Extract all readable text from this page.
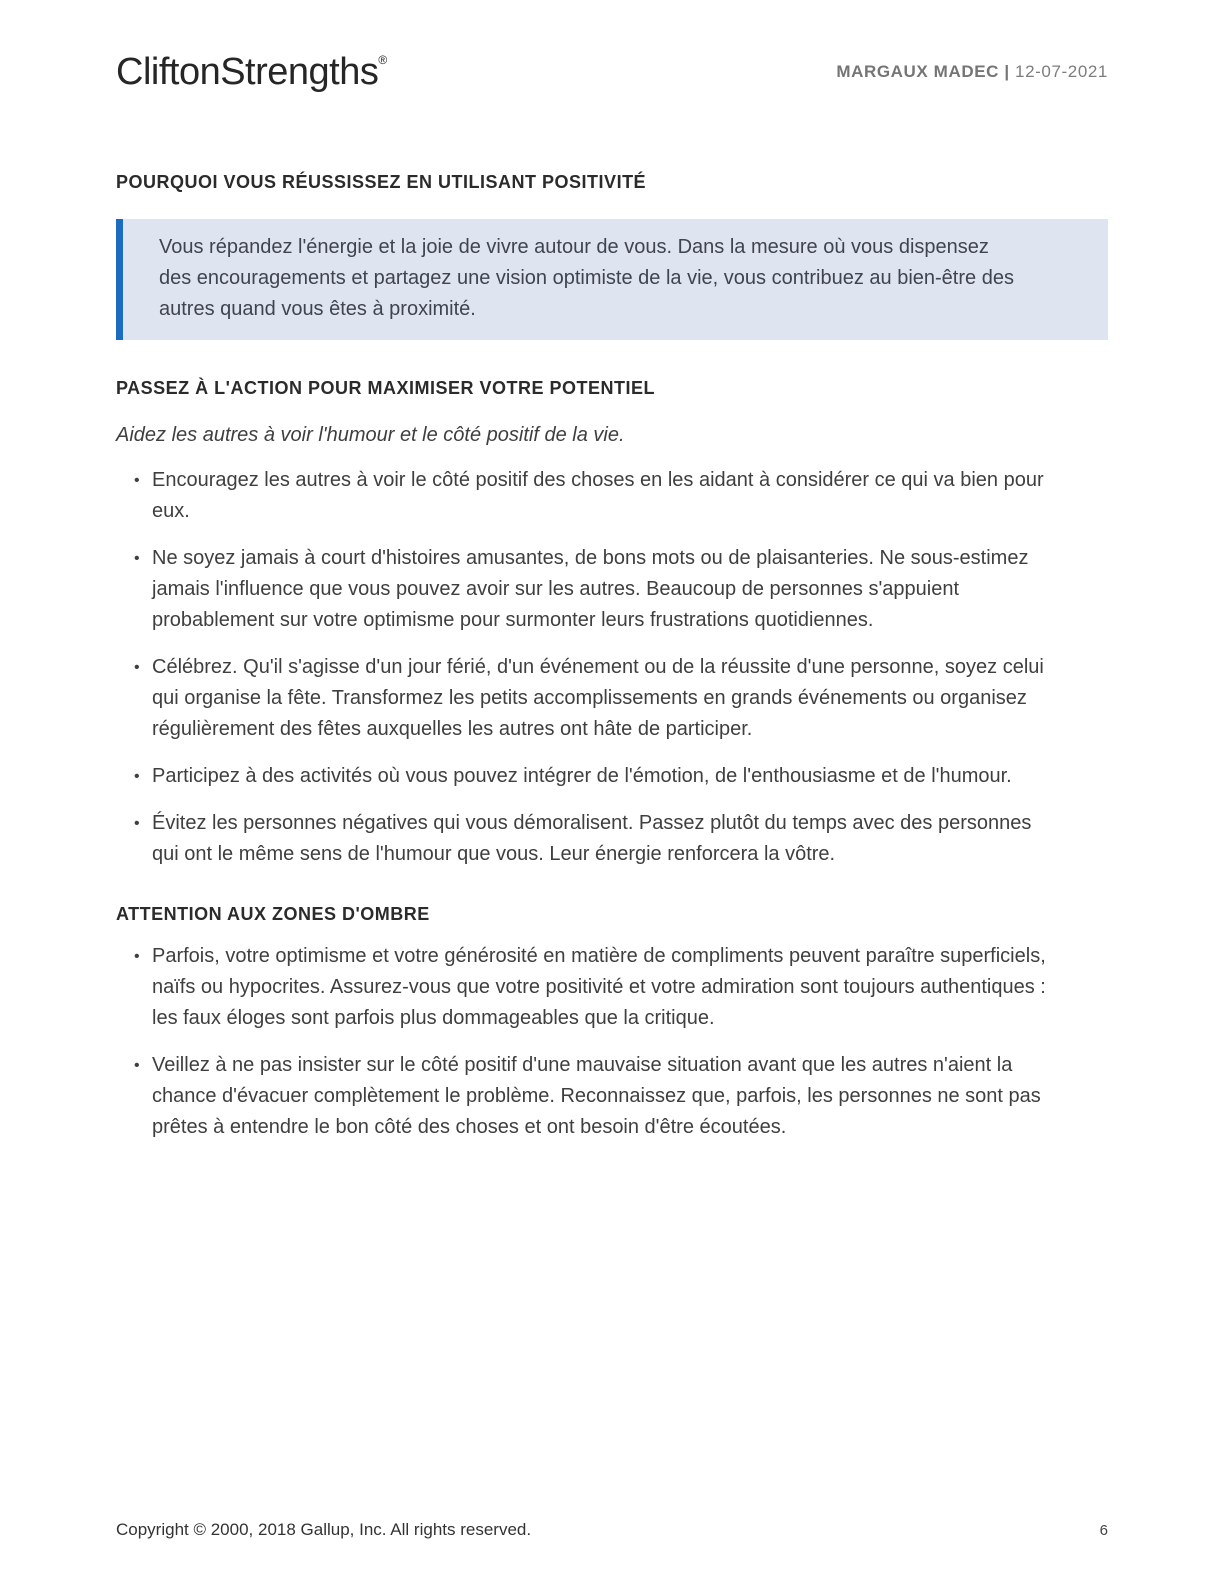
CliftonStrengths®
MARGAUX MADEC | 12-07-2021
POURQUOI VOUS RÉUSSISSEZ EN UTILISANT POSITIVITÉ

Vous répandez l'énergie et la joie de vivre autour de vous. Dans la mesure où vous dispensez des encouragements et partagez une vision optimiste de la vie, vous contribuez au bien-être des autres quand vous êtes à proximité.

PASSEZ À L'ACTION POUR MAXIMISER VOTRE POTENTIEL

Aidez les autres à voir l'humour et le côté positif de la vie.

• Encouragez les autres à voir le côté positif des choses en les aidant à considérer ce qui va bien pour eux.
• Ne soyez jamais à court d'histoires amusantes, de bons mots ou de plaisanteries. Ne sous-estimez jamais l'influence que vous pouvez avoir sur les autres. Beaucoup de personnes s'appuient probablement sur votre optimisme pour surmonter leurs frustrations quotidiennes.
• Célébrez. Qu'il s'agisse d'un jour férié, d'un événement ou de la réussite d'une personne, soyez celui qui organise la fête. Transformez les petits accomplissements en grands événements ou organisez régulièrement des fêtes auxquelles les autres ont hâte de participer.
• Participez à des activités où vous pouvez intégrer de l'émotion, de l'enthousiasme et de l'humour.
• Évitez les personnes négatives qui vous démoralisent. Passez plutôt du temps avec des personnes qui ont le même sens de l'humour que vous. Leur énergie renforcera la vôtre.
ATTENTION AUX ZONES D'OMBRE
• Parfois, votre optimisme et votre générosité en matière de compliments peuvent paraître superficiels, naïfs ou hypocrites. Assurez-vous que votre positivité et votre admiration sont toujours authentiques : les faux éloges sont parfois plus dommageables que la critique.
• Veillez à ne pas insister sur le côté positif d'une mauvaise situation avant que les autres n'aient la chance d'évacuer complètement le problème. Reconnaissez que, parfois, les personnes ne sont pas prêtes à entendre le bon côté des choses et ont besoin d'être écoutées.
Copyright © 2000, 2018 Gallup, Inc. All rights reserved.	6
